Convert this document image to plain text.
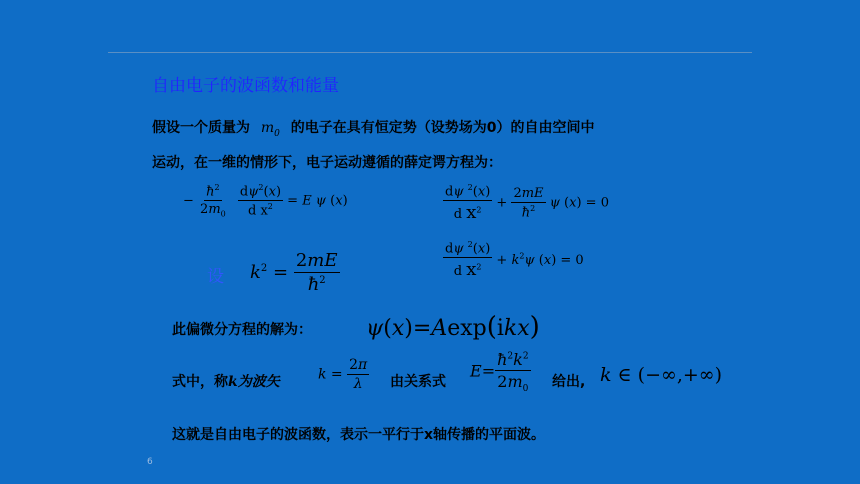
自由电子的波函数和能量
假设一个质量为 $m_0$ 的电子在具有恒定势（设势场为0）的自由空间中
运动，在一维的情形下，电子运动遵循的薛定谔方程为：
− $\frac{ħ^2}{2m_0}$
$\frac{d\psi^2(x)}{d x^2} = E$ ψ (x)	$\frac{d\psi ^2(x)}{d x^2} + \frac{2mE}{ħ^2}$ ψ (x) = 0
$\frac{d\psi ^2(x)}{d x^2} + k^2\psi$ (x) = 0
设 $k^2 = \frac{2mE}{ħ^2}$
此偏微分方程的解为： ψ(x)=Aexp(ikx)
式中，称k为波矢	$k = \frac{2\pi}{\lambda}$ 由关系式
$E= \frac{ħ^2k^2}{2m_0}$ 给出, k ∈ (−∞,+∞)
这就是自由电子的波函数，表示一平行于x轴传播的平面波。
6
